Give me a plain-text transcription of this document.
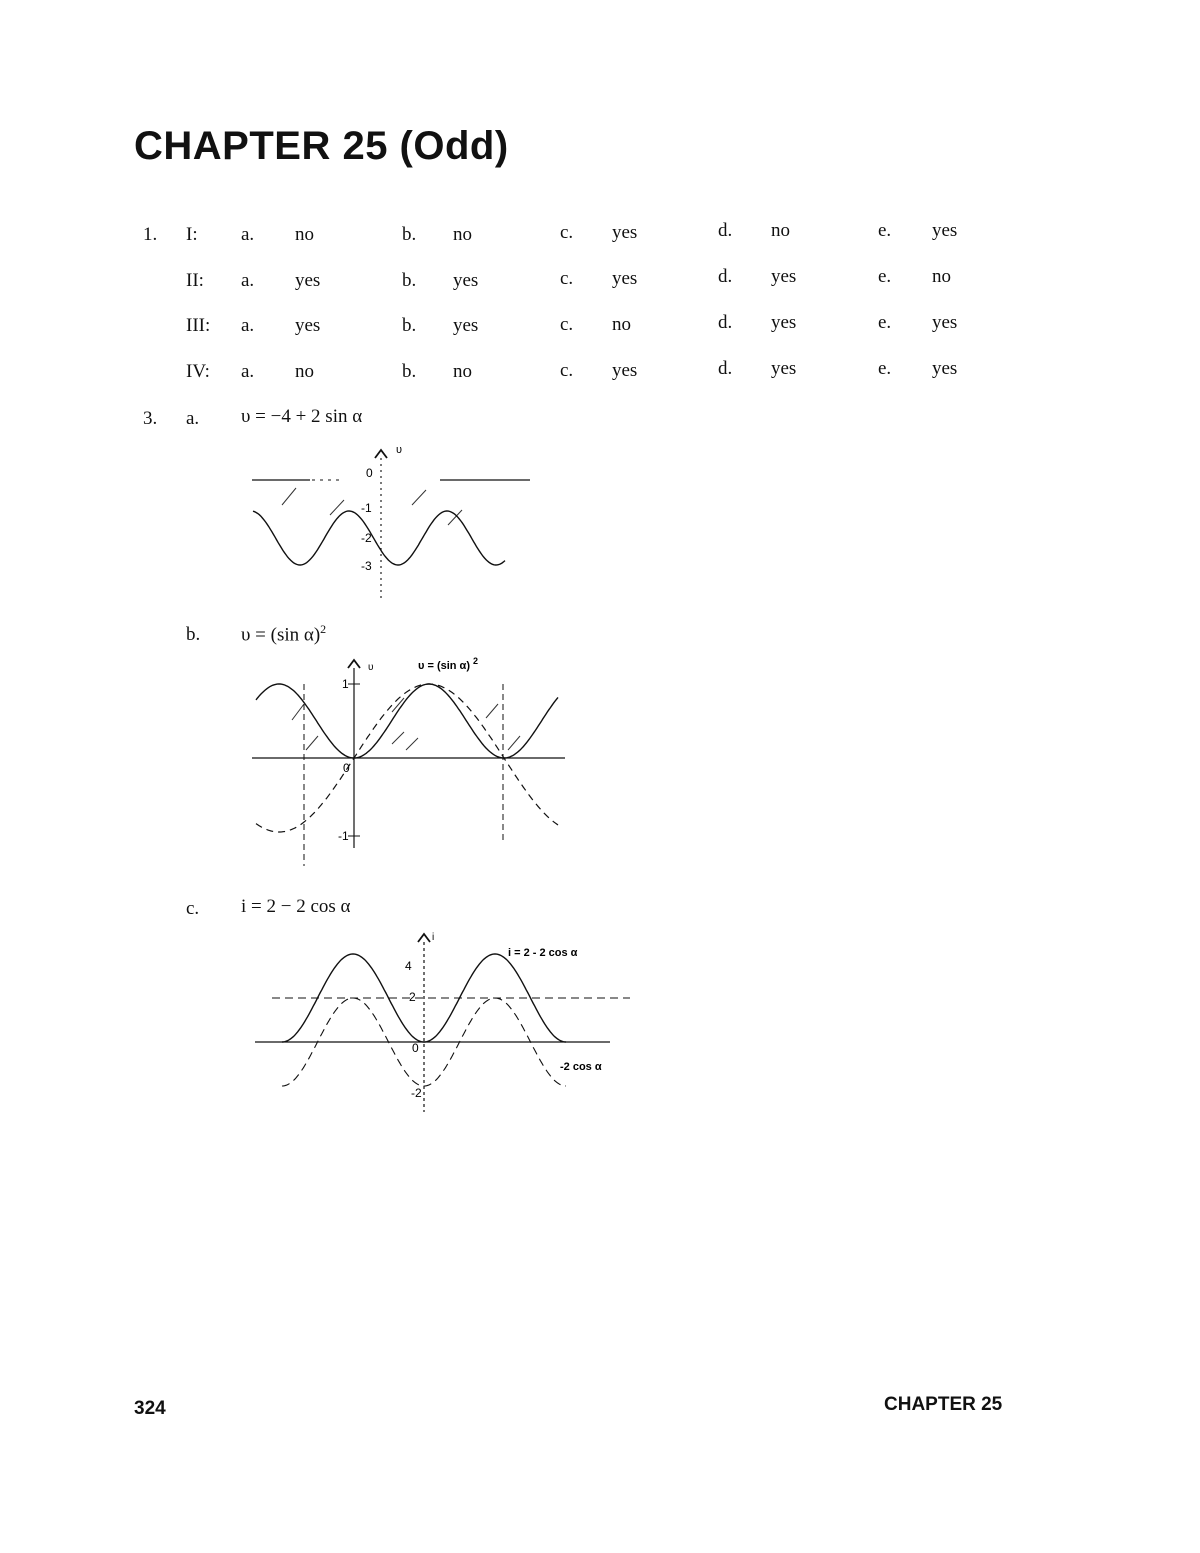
CHAPTER 25 (Odd)
1. I: a. no	b. no	c. yes	d. no	e. yes
II: a. yes	b. yes	c. yes	d. yes	e. no
III: a. yes	b. yes	c. no	d. yes	e. yes
IV: a. no	b. no	c. yes	d. yes	e. yes
3. a. υ = −4 + 2 sin α
υ
0
-1
-2
-3
υ
1
0
-1
υ = (sin α) $^2$
i
4
2
0
-2
i = 2 - 2 cos α
-2 cos α
b. υ = (sin α)$^2$
c. i = 2 − 2 cos α
324	CHAPTER 25
